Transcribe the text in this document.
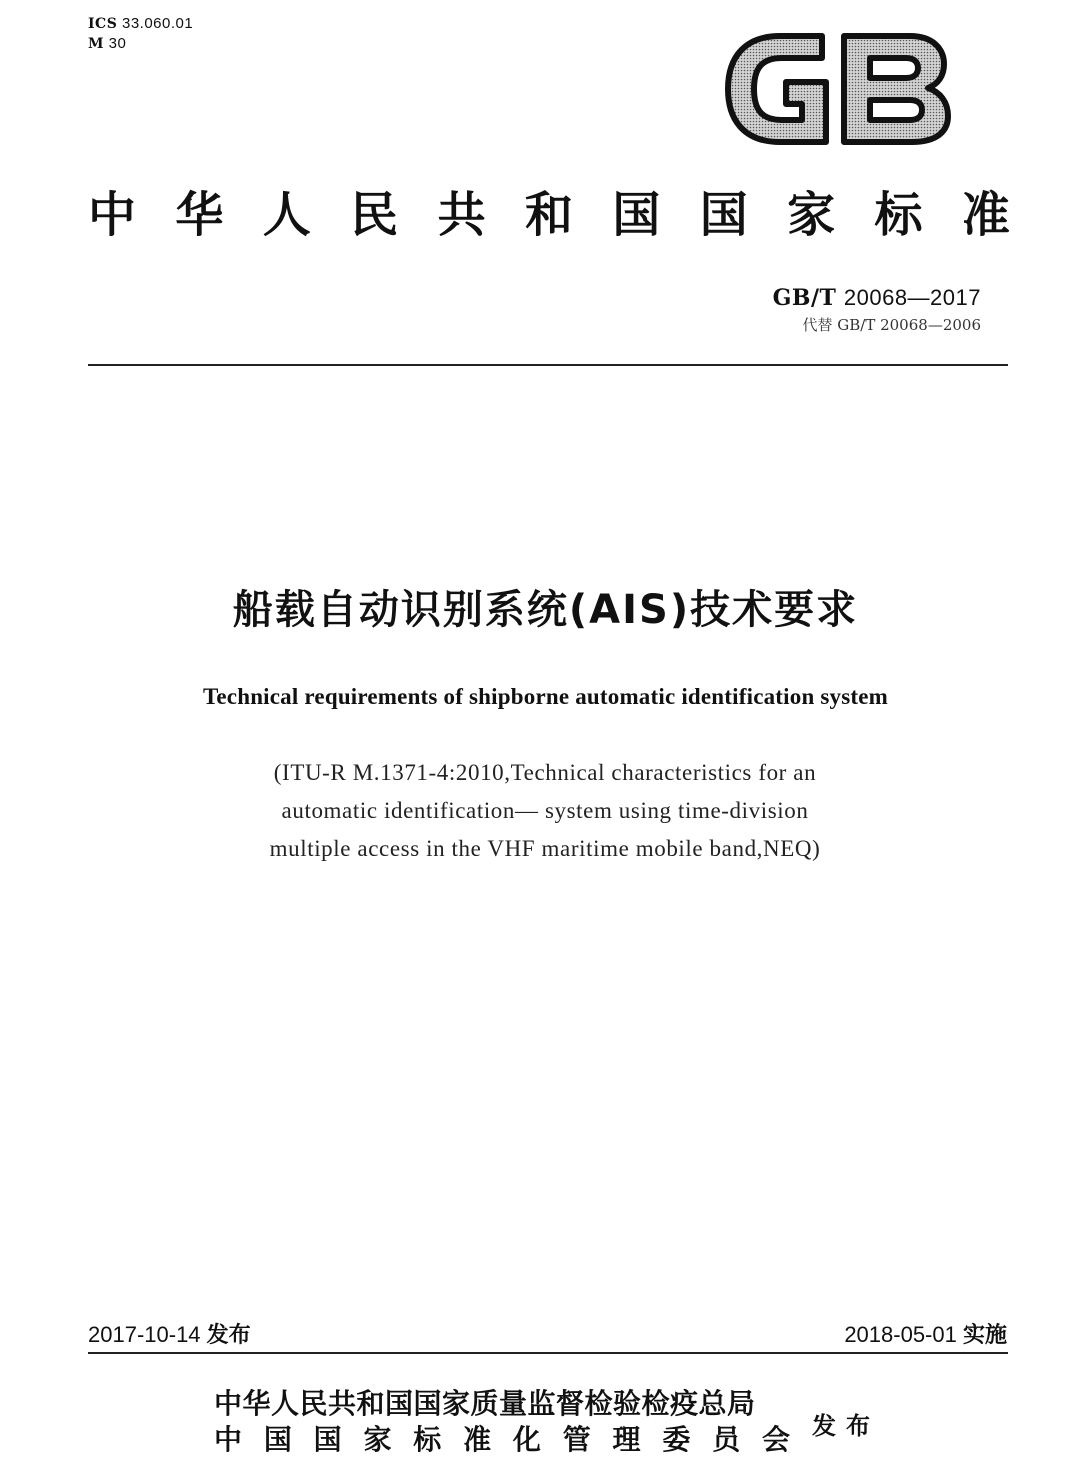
ICS 33.060.01
M 30
中 华 人 民 共 和 国 国 家 标 准
GB/T 20068—2017
代替 GB/T 20068—2006
船载自动识别系统(AIS)技术要求
Technical requirements of shipborne automatic identification system
(ITU-R M.1371-4:2010,Technical characteristics for an
automatic identification— system using time-division
multiple access in the VHF maritime mobile band,NEQ)
2017-10-14 发布	2018-05-01 实施
中华人民共和国国家质量监督检验检疫总局
中 国 国 家 标 准 化 管 理 委 员 会 发布
